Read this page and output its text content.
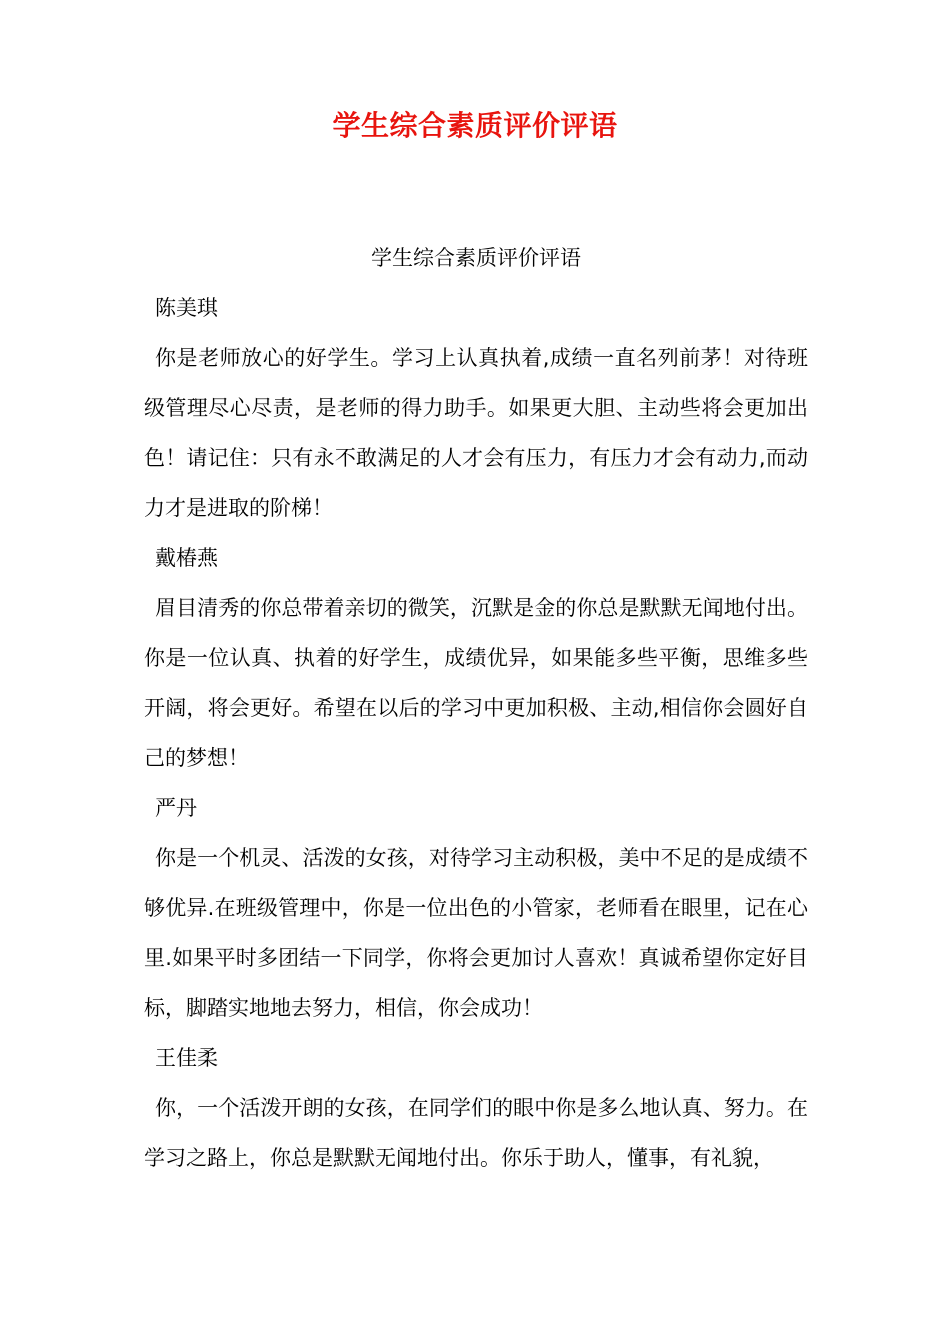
学生综合素质评价评语

学生综合素质评价评语

陈美琪

你是老师放心的好学生。学习上认真执着,成绩一直名列前茅！对待班级管理尽心尽责，是老师的得力助手。如果更大胆、主动些将会更加出色！请记住：只有永不敢满足的人才会有压力，有压力才会有动力,而动力才是进取的阶梯！

戴椿燕

眉目清秀的你总带着亲切的微笑，沉默是金的你总是默默无闻地付出。你是一位认真、执着的好学生，成绩优异，如果能多些平衡，思维多些开阔，将会更好。希望在以后的学习中更加积极、主动,相信你会圆好自己的梦想！

严丹

你是一个机灵、活泼的女孩，对待学习主动积极，美中不足的是成绩不够优异.在班级管理中，你是一位出色的小管家，老师看在眼里，记在心里.如果平时多团结一下同学，你将会更加讨人喜欢！真诚希望你定好目标，脚踏实地地去努力，相信，你会成功！

王佳柔

你，一个活泼开朗的女孩，在同学们的眼中你是多么地认真、努力。在学习之路上，你总是默默无闻地付出。你乐于助人，懂事，有礼貌，
